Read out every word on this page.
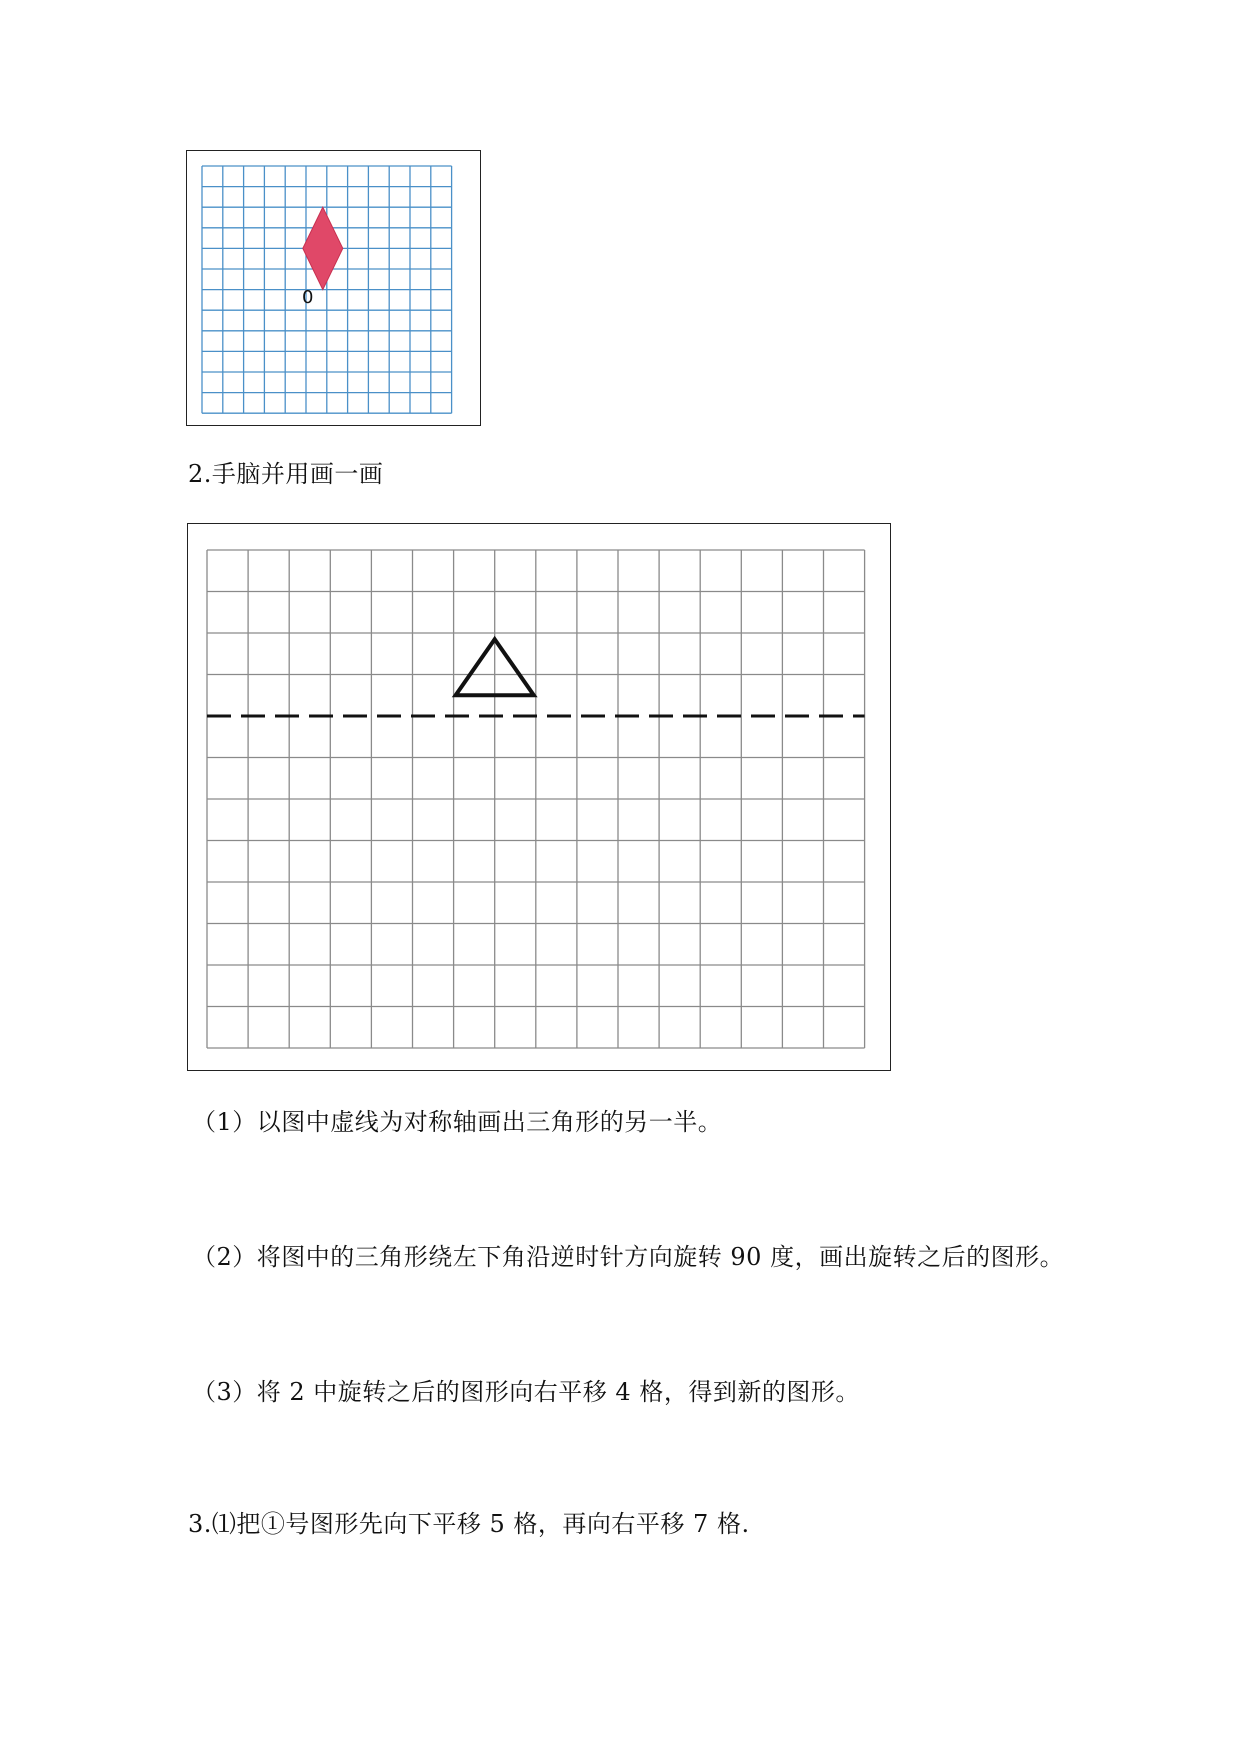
0
2.手脑并用画一画
（1）以图中虚线为对称轴画出三角形的另一半。
（2）将图中的三角形绕左下角沿逆时针方向旋转 90 度，画出旋转之后的图形。
（3）将 2 中旋转之后的图形向右平移 4 格，得到新的图形。
3.⑴把①号图形先向下平移 5 格，再向右平移 7 格.
